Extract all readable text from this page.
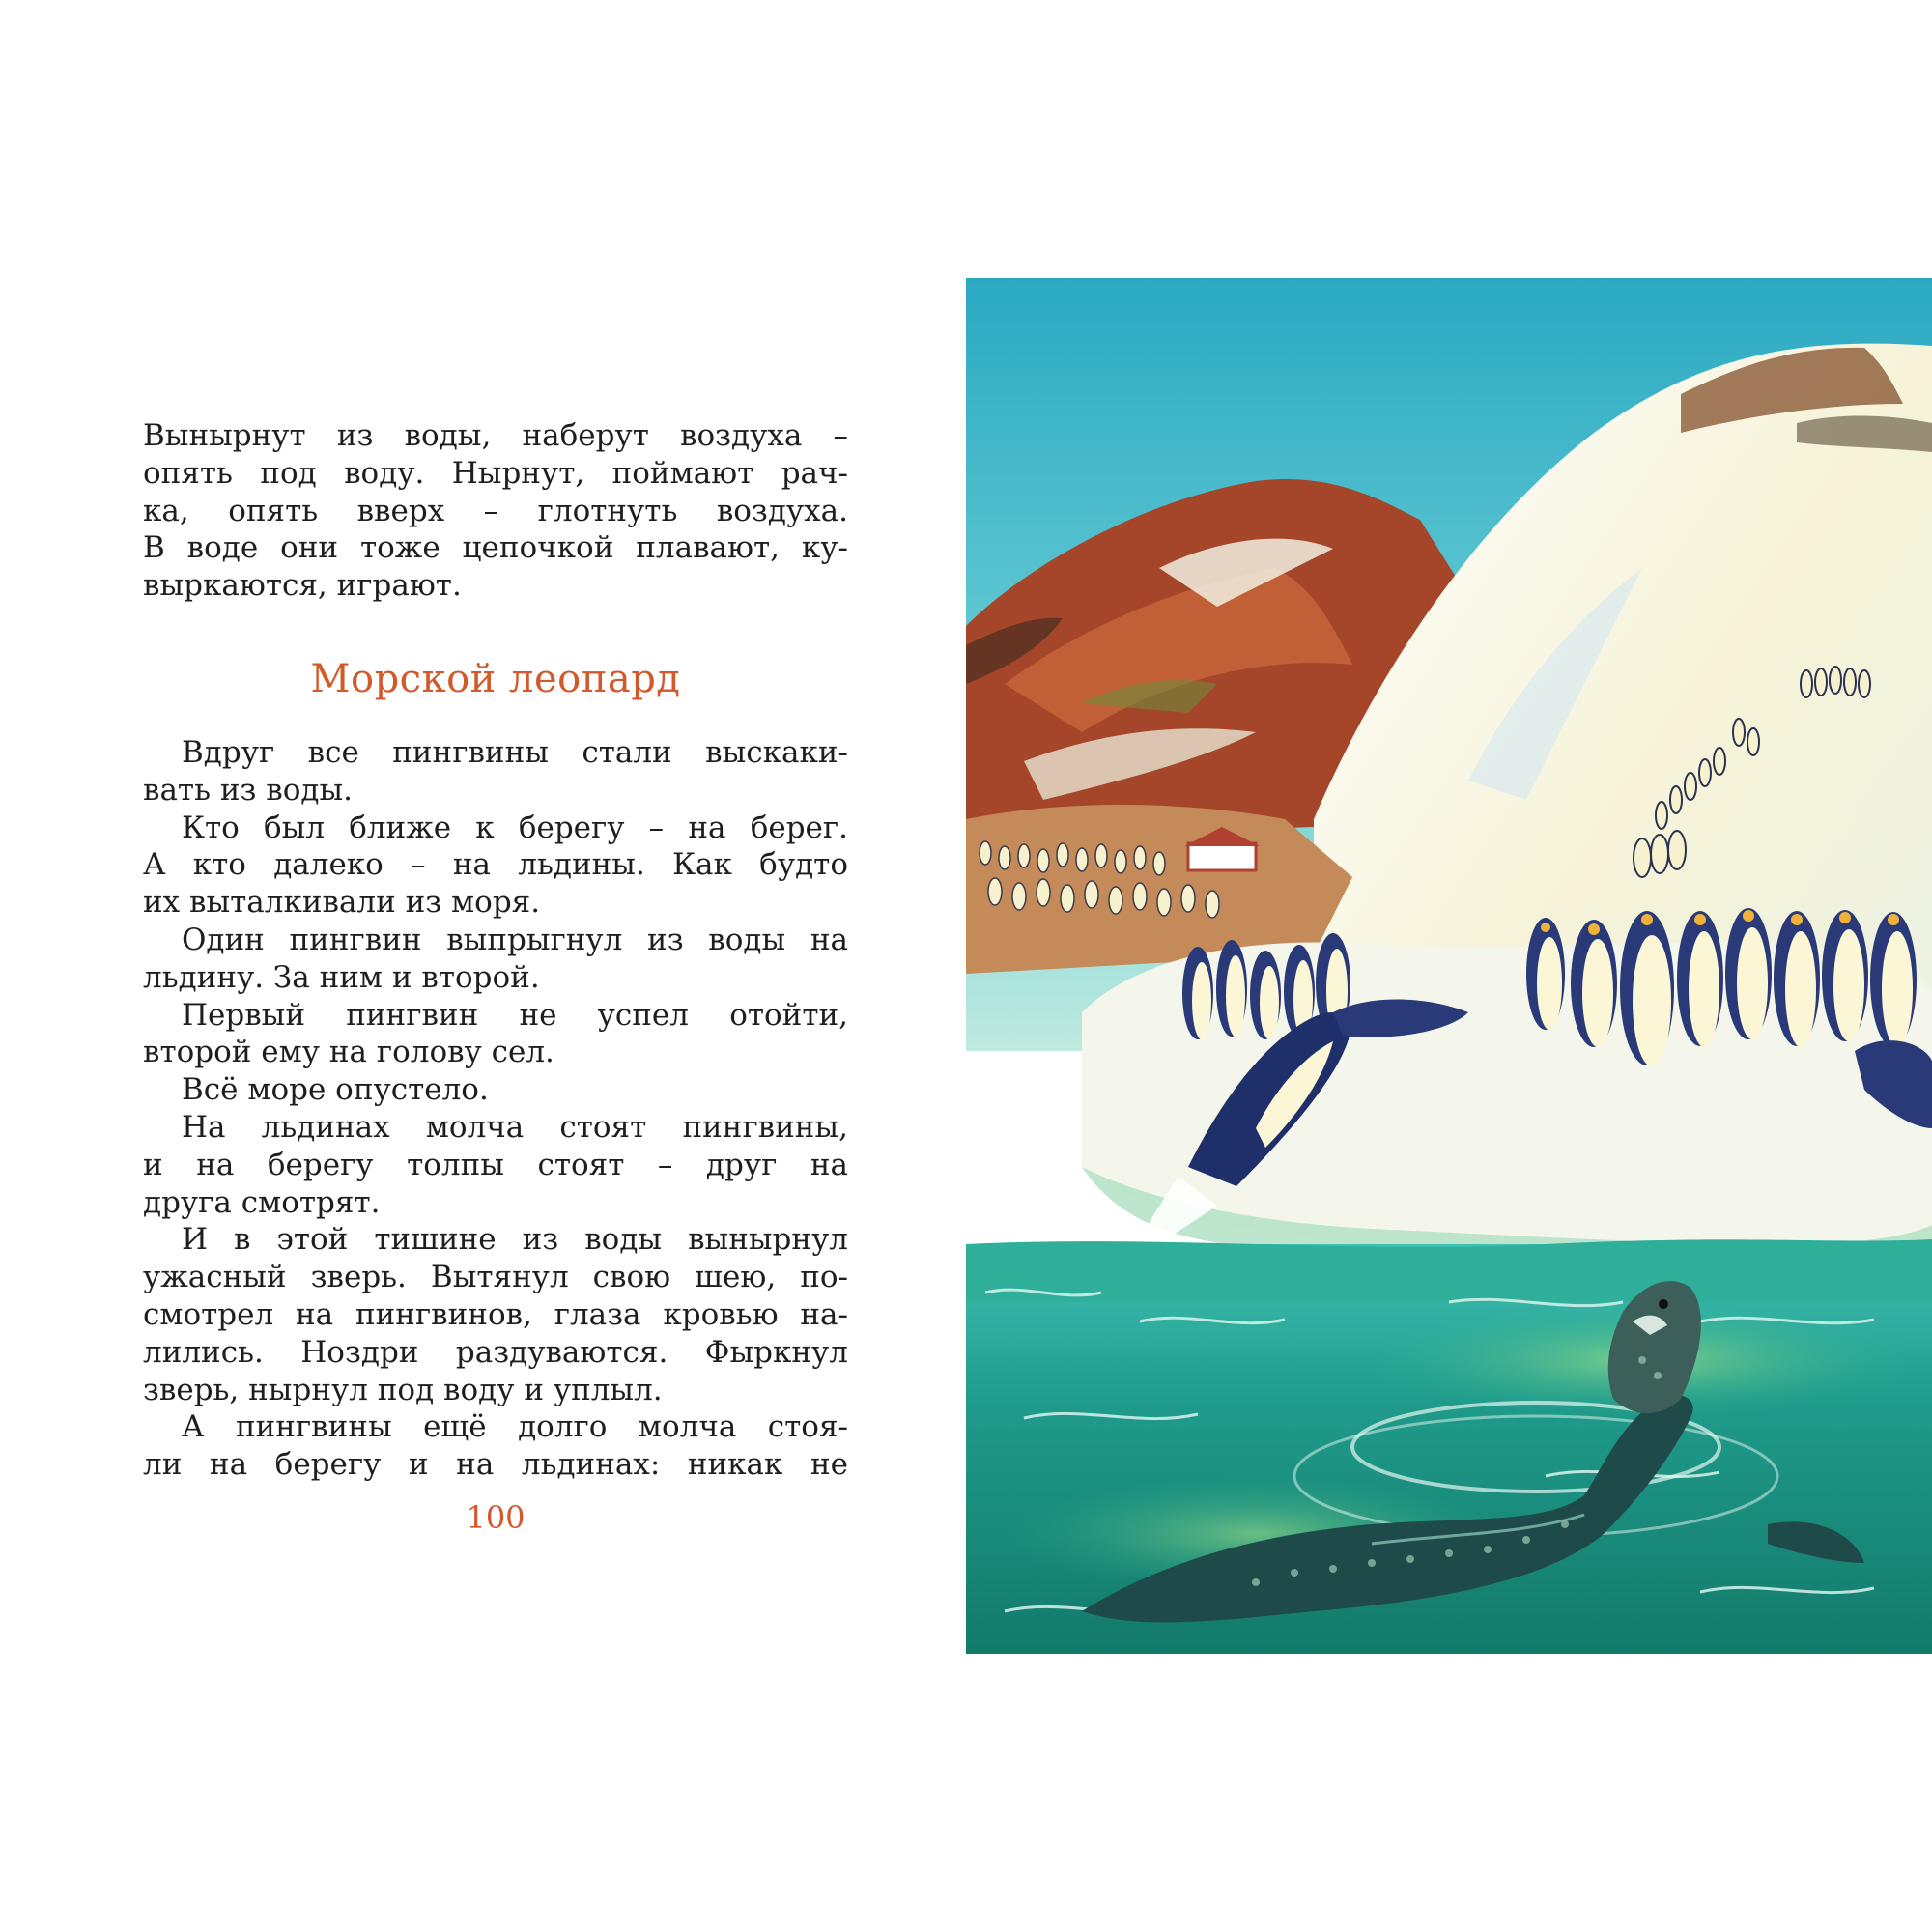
Вынырнут из воды, наберут воздуха –
опять под воду. Нырнут, поймают рач-
ка, опять вверх – глотнуть воздуха.
В воде они тоже цепочкой плавают, ку-
выркаются, играют.

Морской леопард

Вдруг все пингвины стали выскаки-
вать из воды.

Кто был ближе к берегу – на берег.
А кто далеко – на льдины. Как будто
их выталкивали из моря.

Один пингвин выпрыгнул из воды на
льдину. За ним и второй.

Первый пингвин не успел отойти,
второй ему на голову сел.

Всё море опустело.

На льдинах молча стоят пингвины,
и на берегу толпы стоят – друг на
друга смотрят.

И в этой тишине из воды вынырнул
ужасный зверь. Вытянул свою шею, по-
смотрел на пингвинов, глаза кровью на-
лились. Ноздри раздуваются. Фыркнул
зверь, нырнул под воду и уплыл.

А пингвины ещё долго молча стоя-
ли на берегу и на льдинах: никак не

100
